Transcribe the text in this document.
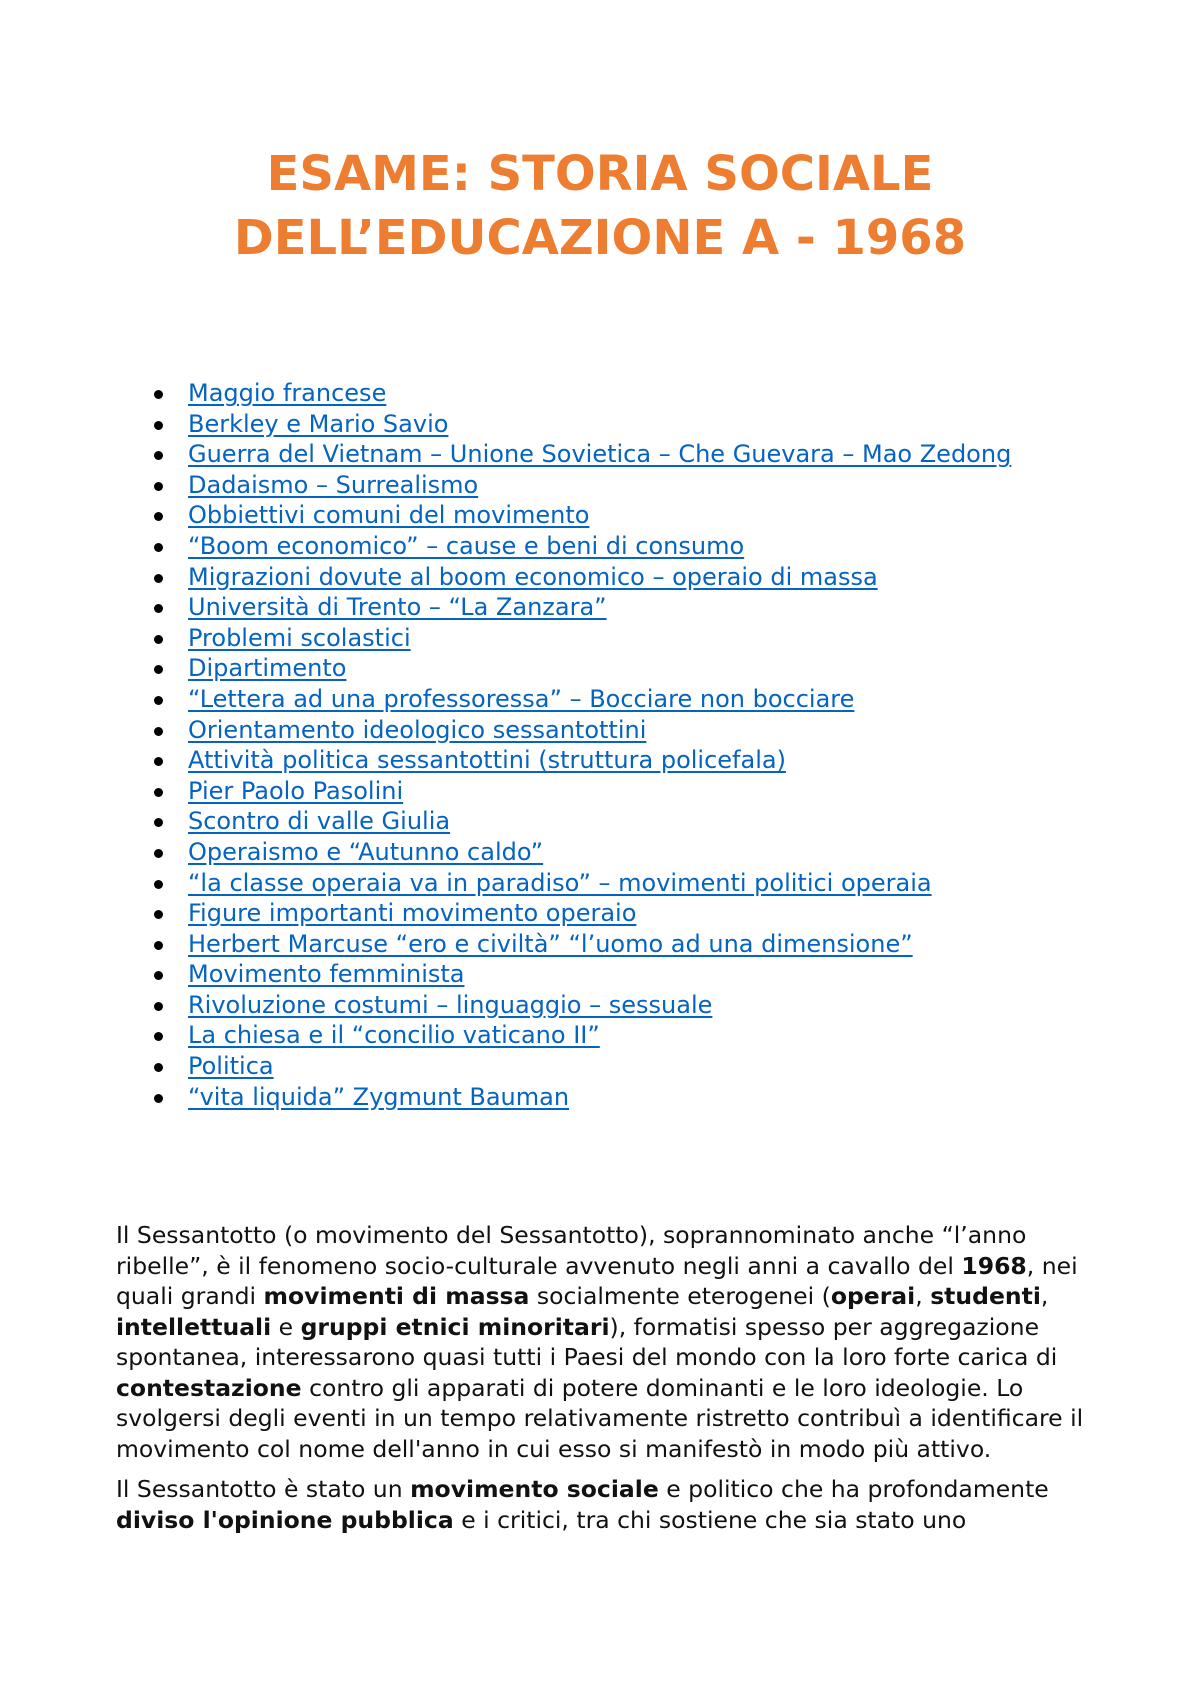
ESAME: STORIA SOCIALE
DELL’EDUCAZIONE A - 1968
Maggio francese
Berkley e Mario Savio
Guerra del Vietnam – Unione Sovietica – Che Guevara – Mao Zedong
Dadaismo – Surrealismo
Obbiettivi comuni del movimento
“Boom economico” – cause e beni di consumo
Migrazioni dovute al boom economico – operaio di massa
Università di Trento – “La Zanzara”
Problemi scolastici
Dipartimento
“Lettera ad una professoressa” – Bocciare non bocciare
Orientamento ideologico sessantottini
Attività politica sessantottini (struttura policefala)
Pier Paolo Pasolini
Scontro di valle Giulia
Operaismo e “Autunno caldo”
“la classe operaia va in paradiso” – movimenti politici operaia
Figure importanti movimento operaio
Herbert Marcuse “ero e civiltà” “l’uomo ad una dimensione”
Movimento femminista
Rivoluzione costumi – linguaggio – sessuale
La chiesa e il “concilio vaticano II”
Politica
“vita liquida” Zygmunt Bauman

Il Sessantotto (o movimento del Sessantotto), soprannominato anche “l’anno ribelle”, è il fenomeno socio-culturale avvenuto negli anni a cavallo del 1968, nei quali grandi movimenti di massa socialmente eterogenei (operai, studenti, intellettuali e gruppi etnici minoritari), formatisi spesso per aggregazione spontanea, interessarono quasi tutti i Paesi del mondo con la loro forte carica di contestazione contro gli apparati di potere dominanti e le loro ideologie. Lo svolgersi degli eventi in un tempo relativamente ristretto contribuì a identificare il movimento col nome dell'anno in cui esso si manifestò in modo più attivo.

Il Sessantotto è stato un movimento sociale e politico che ha profondamente diviso l'opinione pubblica e i critici, tra chi sostiene che sia stato uno
